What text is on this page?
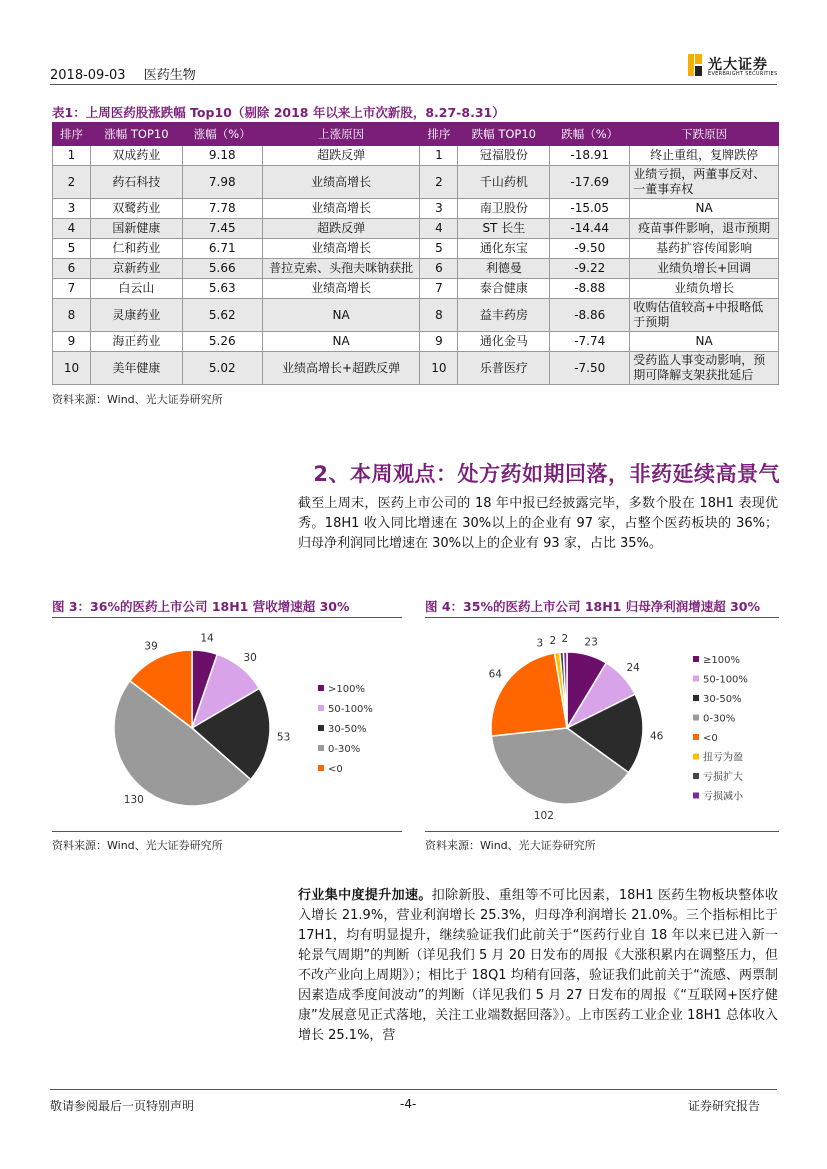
2018-09-03 医药生物
光大证券
EVERBRIGHT SECURITIES
表1：上周医药股涨跌幅 Top10（剔除 2018 年以来上市次新股，8.27-8.31）
排序	涨幅 TOP10	涨幅（%）	上涨原因	排序	跌幅 TOP10	跌幅（%）	下跌原因
1	双成药业	9.18	超跌反弹	1	冠福股份	-18.91	终止重组，复牌跌停
2	药石科技	7.98	业绩高增长	2	千山药机	-17.69	业绩亏损，两董事反对、一董事弃权
3	双鹭药业	7.78	业绩高增长	3	南卫股份	-15.05	NA
4	国新健康	7.45	超跌反弹	4	ST 长生	-14.44	疫苗事件影响，退市预期
5	仁和药业	6.71	业绩高增长	5	通化东宝	-9.50	基药扩容传闻影响
6	京新药业	5.66	普拉克索、头孢夫咪钠获批	6	利德曼	-9.22	业绩负增长+回调
7	白云山	5.63	业绩高增长	7	泰合健康	-8.88	业绩负增长
8	灵康药业	5.62	NA	8	益丰药房	-8.86	收购估值较高+中报略低于预期
9	海正药业	5.26	NA	9	通化金马	-7.74	NA
10	美年健康	5.02	业绩高增长+超跌反弹	10	乐普医疗	-7.50	受药监人事变动影响，预期可降解支架获批延后
资料来源：Wind、光大证券研究所
2、本周观点：处方药如期回落，非药延续高景气
截至上周末，医药上市公司的 18 年中报已经披露完毕，多数个股在 18H1 表现优秀。18H1 收入同比增速在 30%以上的企业有 97 家，占整个医药板块的 36%；归母净利润同比增速在 30%以上的企业有 93 家，占比 35%。
图 3：36%的医药上市公司 18H1 营收增速超 30%
14
30
53
130
39
>100%
50-100%
30-50%
0-30%
<0
资料来源：Wind、光大证券研究所
图 4：35%的医药上市公司 18H1 归母净利润增速超 30%
23
24
46
102
64
3 2 2
≥100%
50-100%
30-50%
0-30%
<0
扭亏为盈
亏损扩大
亏损减小
资料来源：Wind、光大证券研究所
行业集中度提升加速。扣除新股、重组等不可比因素，18H1 医药生物板块整体收入增长 21.9%，营业利润增长 25.3%，归母净利润增长 21.0%。三个指标相比于 17H1，均有明显提升，继续验证我们此前关于“医药行业自 18 年以来已进入新一轮景气周期”的判断（详见我们 5 月 20 日发布的周报《大涨积累内在调整压力，但不改产业向上周期》）；相比于 18Q1 均稍有回落，验证我们此前关于“流感、两票制因素造成季度间波动”的判断（详见我们 5 月 27 日发布的周报《“互联网+医疗健康”发展意见正式落地，关注工业端数据回落》）。上市医药工业企业 18H1 总体收入增长 25.1%，营
敬请参阅最后一页特别声明	-4-	证券研究报告
